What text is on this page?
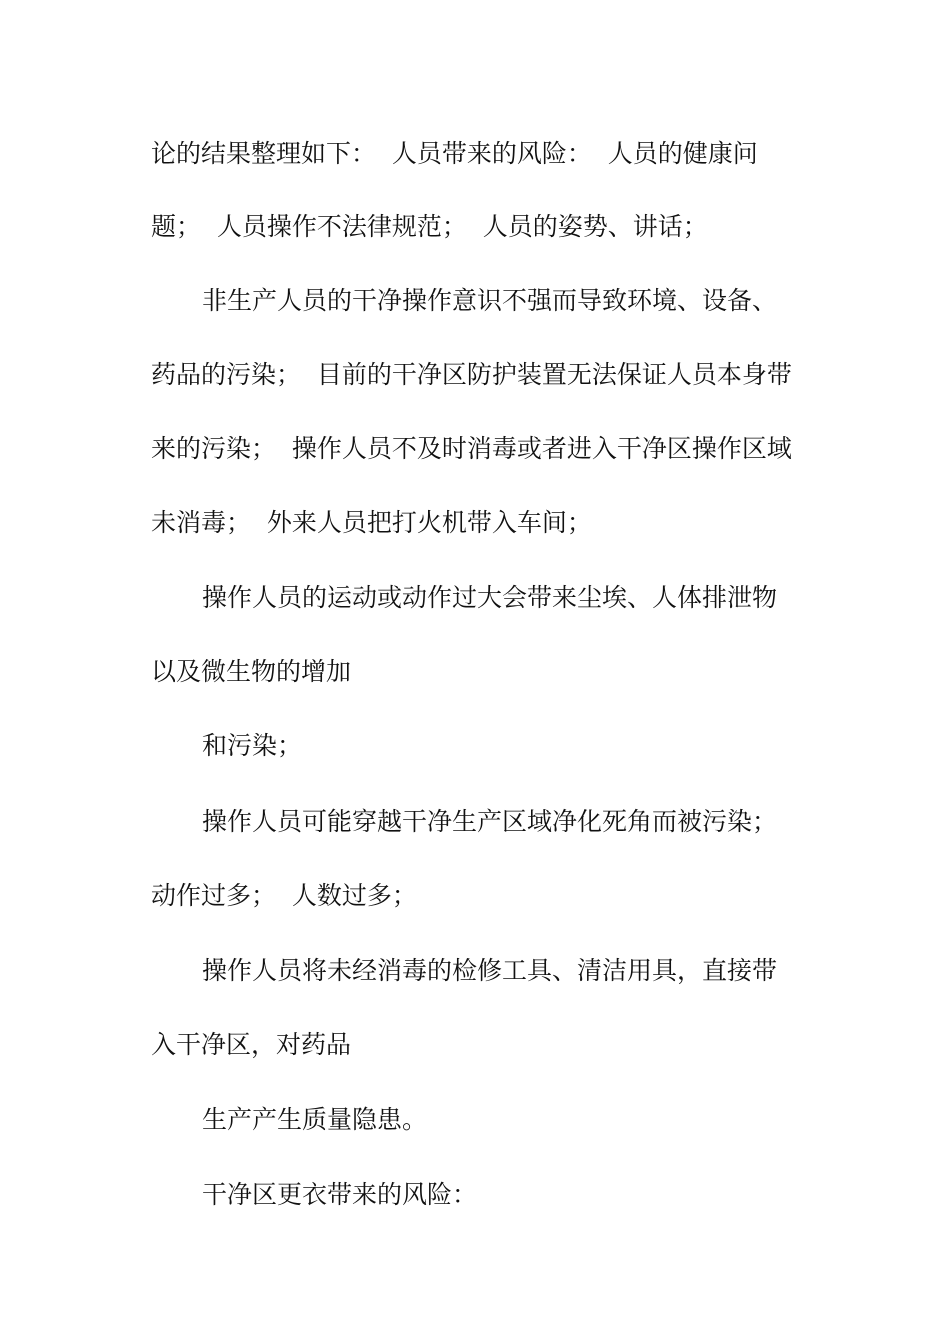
论的结果整理如下：  人员带来的风险：  人员的健康问
题；  人员操作不法律规范；  人员的姿势、讲话；
非生产人员的干净操作意识不强而导致环境、设备、
药品的污染；  目前的干净区防护装置无法保证人员本身带
来的污染；  操作人员不及时消毒或者进入干净区操作区域
未消毒；  外来人员把打火机带入车间；
操作人员的运动或动作过大会带来尘埃、人体排泄物
以及微生物的增加
和污染；
操作人员可能穿越干净生产区域净化死角而被污染；
动作过多；  人数过多；
操作人员将未经消毒的检修工具、清洁用具，直接带
入干净区，对药品
生产产生质量隐患。
干净区更衣带来的风险：
